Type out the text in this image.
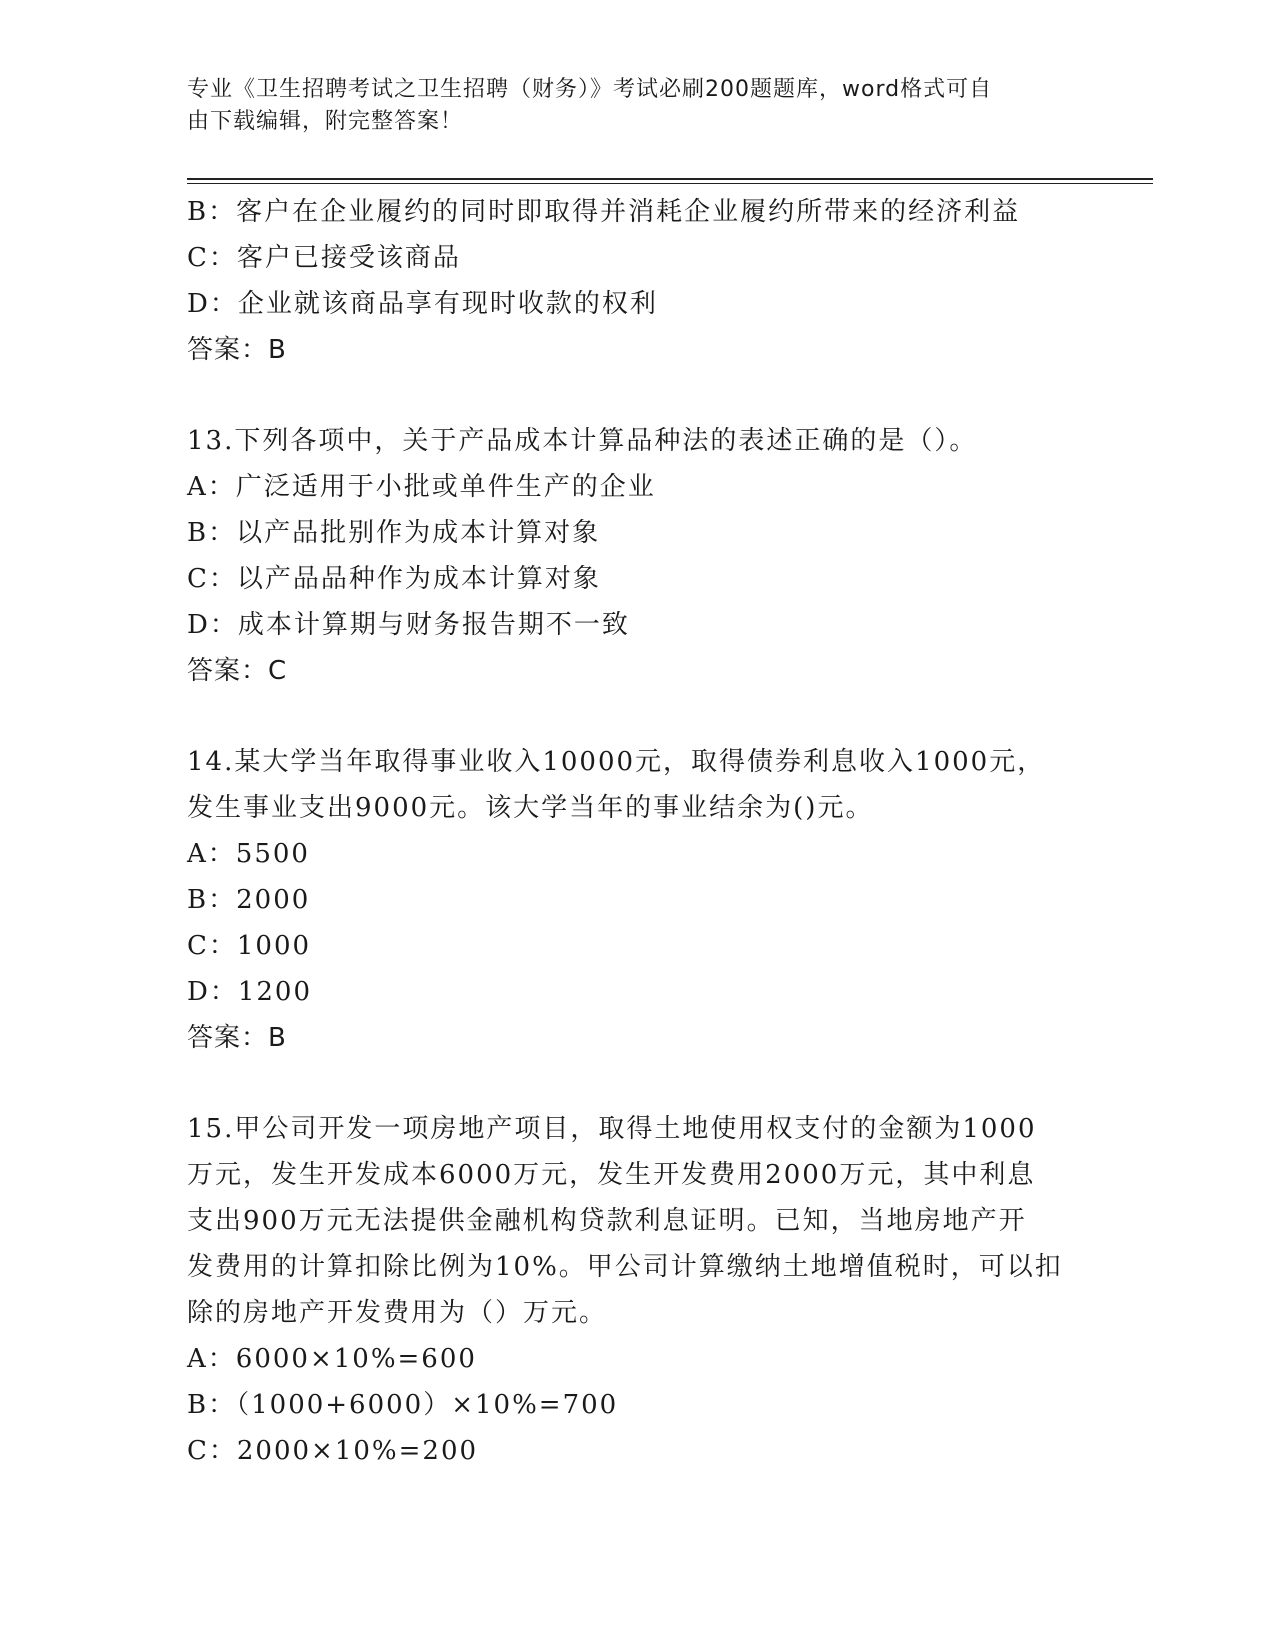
专业《卫生招聘考试之卫生招聘（财务）》考试必刷200题题库，word格式可自
由下载编辑，附完整答案！
B：客户在企业履约的同时即取得并消耗企业履约所带来的经济利益
C：客户已接受该商品
D：企业就该商品享有现时收款的权利
答案：B
13.下列各项中，关于产品成本计算品种法的表述正确的是（）。
A：广泛适用于小批或单件生产的企业
B：以产品批别作为成本计算对象
C：以产品品种作为成本计算对象
D：成本计算期与财务报告期不一致
答案：C
14.某大学当年取得事业收入10000元，取得债券利息收入1000元，
发生事业支出9000元。该大学当年的事业结余为()元。
A：5500
B：2000
C：1000
D：1200
答案：B
15.甲公司开发一项房地产项目，取得土地使用权支付的金额为1000
万元，发生开发成本6000万元，发生开发费用2000万元，其中利息
支出900万元无法提供金融机构贷款利息证明。已知，当地房地产开
发费用的计算扣除比例为10%。甲公司计算缴纳土地增值税时，可以扣
除的房地产开发费用为（）万元。
A：6000×10%=600
B：（1000+6000）×10%=700
C：2000×10%=200
